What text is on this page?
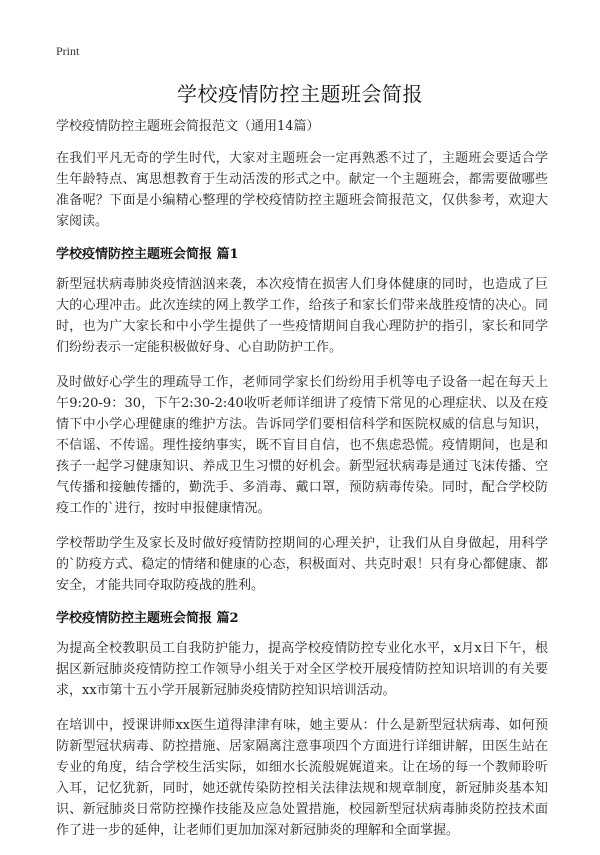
Print
学校疫情防控主题班会简报
学校疫情防控主题班会简报范文（通用14篇）

在我们平凡无奇的学生时代，大家对主题班会一定再熟悉不过了，主题班会要适合学生年龄特点、寓思想教育于生动活泼的形式之中。献定一个主题班会，都需要做哪些准备呢？下面是小编精心整理的学校疫情防控主题班会简报范文，仅供参考，欢迎大家阅读。

学校疫情防控主题班会简报 篇1

新型冠状病毒肺炎疫情汹汹来袭，本次疫情在损害人们身体健康的同时，也造成了巨大的心理冲击。此次连续的网上教学工作，给孩子和家长们带来战胜疫情的决心。同时，也为广大家长和中小学生提供了一些疫情期间自我心理防护的指引，家长和同学们纷纷表示一定能积极做好身、心自助防护工作。

及时做好心学生的理疏导工作，老师同学家长们纷纷用手机等电子设备一起在每天上午9:20-9：30，下午2:30-2:40收听老师详细讲了疫情下常见的心理症状、以及在疫情下中小学心理健康的维护方法。告诉同学们要相信科学和医院权威的信息与知识，不信谣、不传谣。理性接纳事实，既不盲目自信，也不焦虑恐慌。疫情期间，也是和孩子一起学习健康知识、养成卫生习惯的好机会。新型冠状病毒是通过飞沫传播、空气传播和接触传播的，勤洗手、多消毒、戴口罩，预防病毒传染。同时，配合学校防疫工作的`进行，按时申报健康情况。

学校帮助学生及家长及时做好疫情防控期间的心理关护，让我们从自身做起，用科学的`防疫方式、稳定的情绪和健康的心态，积极面对、共克时艰！只有身心都健康、都安全，才能共同夺取防疫战的胜利。

学校疫情防控主题班会简报 篇2

为提高全校教职员工自我防护能力，提高学校疫情防控专业化水平，x月x日下午，根据区新冠肺炎疫情防控工作领导小组关于对全区学校开展疫情防控知识培训的有关要求，xx市第十五小学开展新冠肺炎疫情防控知识培训活动。

在培训中，授课讲师xx医生道得津津有味，她主要从：什么是新型冠状病毒、如何预防新型冠状病毒、防控措施、居家隔离注意事项四个方面进行详细讲解，田医生站在专业的角度，结合学校生活实际，如细水长流般娓娓道来。让在场的每一个教师聆听入耳，记忆犹新，同时，她还就传染防控相关法律法规和规章制度，新冠肺炎基本知识、新冠肺炎日常防控操作技能及应急处置措施，校园新型冠状病毒肺炎防控技术面作了进一步的延伸，让老师们更加加深对新冠肺炎的理解和全面掌握。
